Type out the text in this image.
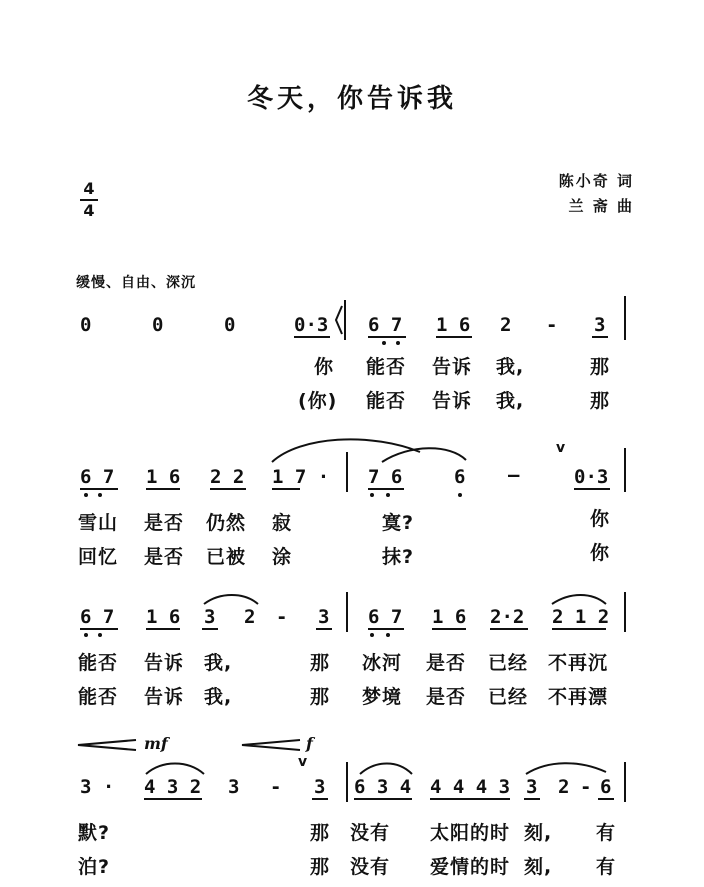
冬天，你告诉我
陈小奇 词
兰 斋 曲
4
4
缓慢、自由、深沉
0	0	0	0·3 6 7 1 6 2 - 3
你 能否 告诉 我,	那
(你) 能否 告诉 我,	那
6 7 1 6 2 2 1 7 · 7 6	6 —	0·3
v
雪山 是否 仍然 寂	寞?	你
回忆 是否 已被 涂	抹?	你
6 7 1 6 3 2 - 3 6 7 1 6 2·2 2 1 2
能否 告诉 我,	那 冰河 是否 已经 不再沉
能否 告诉 我,	那 梦境 是否 已经 不再漂
mf	f
3 · 4 3 2 3 -
v
3 6 3 4 4 4 4 3 3 2 - 6
默?	那 没有 太阳的时 刻, 有
泊?	那 没有 爱情的时 刻, 有
